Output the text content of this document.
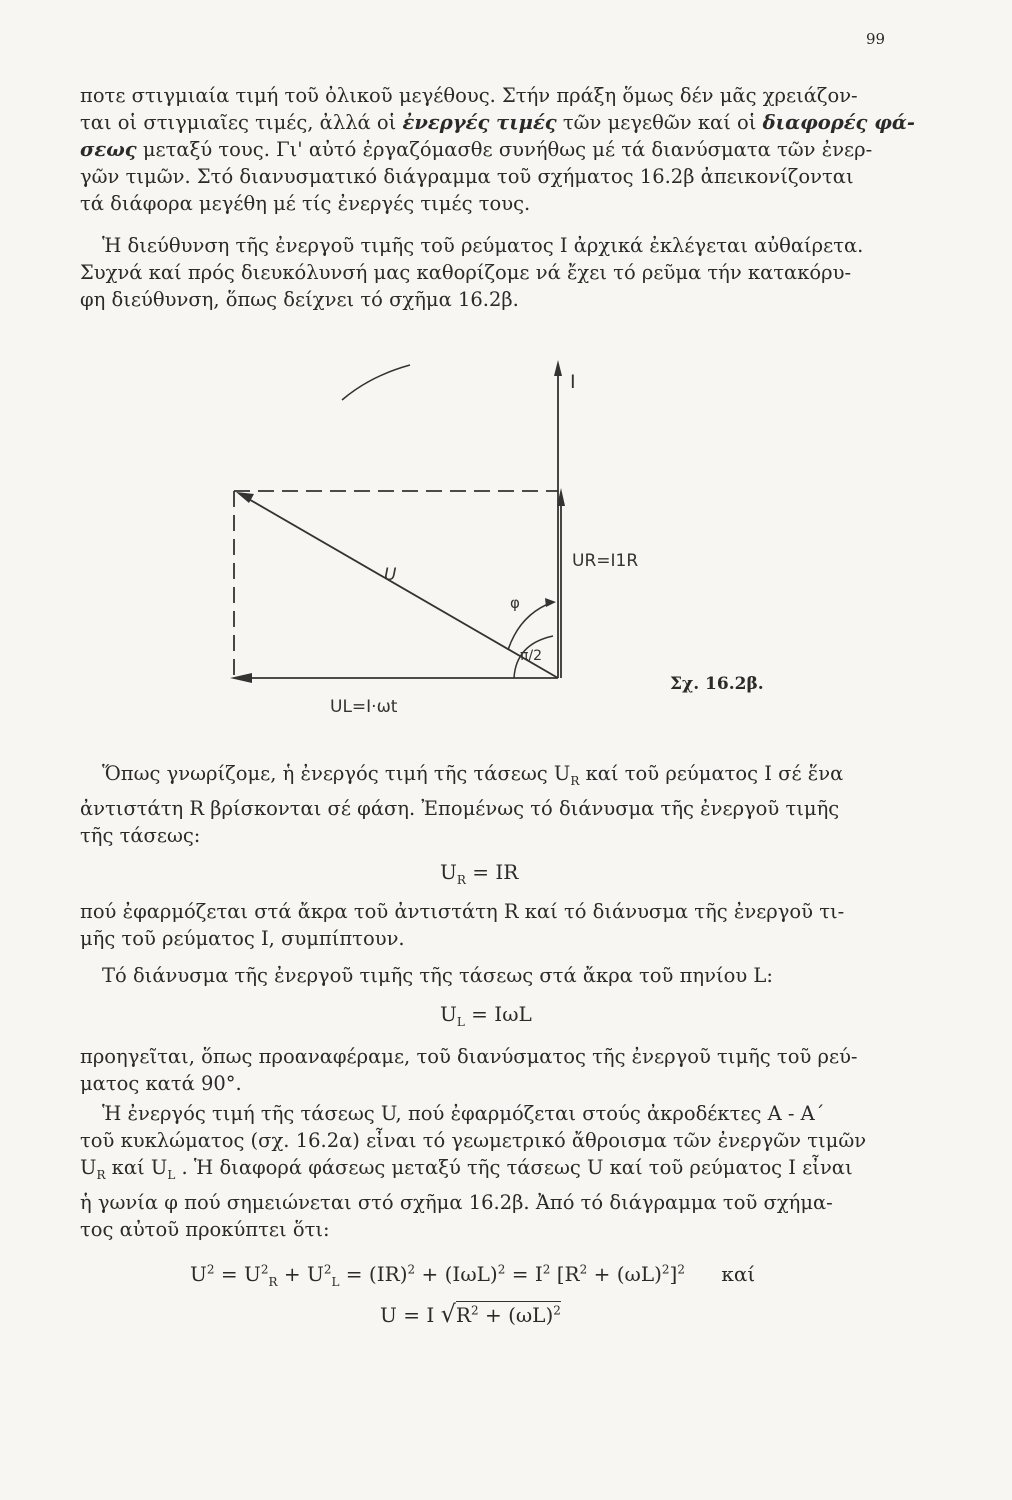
99

ποτε στιγμιαία τιμή τοῦ ὀλικοῦ μεγέθους. Στήν πράξη ὅμως δέν μᾶς χρειάζον-
ται οἱ στιγμιαῖες τιμές, ἀλλά οἱ ἐνεργές τιμές τῶν μεγεθῶν καί οἱ διαφορές φά-
σεως μεταξύ τους. Γι' αὐτό ἐργαζόμασθε συνήθως μέ τά διανύσματα τῶν ἐνερ-
γῶν τιμῶν. Στό διανυσματικό διάγραμμα τοῦ σχήματος 16.2β ἀπεικονίζονται
τά διάφορα μεγέθη μέ τίς ἐνεργές τιμές τους.

Ἡ διεύθυνση τῆς ἐνεργοῦ τιμῆς τοῦ ρεύματος I ἀρχικά ἐκλέγεται αὐθαίρετα.
Συχνά καί πρός διευκόλυνσή μας καθορίζομε νά ἔχει τό ρεῦμα τήν κατακόρυ-
φη διεύθυνση, ὅπως δείχνει τό σχῆμα 16.2β.

I
U
UR=I1R
φ
π/2
UL=I·ωt
Σχ. 16.2β.

Ὅπως γνωρίζομε, ἡ ἐνεργός τιμή τῆς τάσεως $U_R$ καί τοῦ ρεύματος I σέ ἕνα
ἀντιστάτη R βρίσκονται σέ φάση. Ἐπομένως τό διάνυσμα τῆς ἐνεργοῦ τιμῆς
τῆς τάσεως:

$U_R$ = IR

πού ἐφαρμόζεται στά ἄκρα τοῦ ἀντιστάτη R καί τό διάνυσμα τῆς ἐνεργοῦ τι-
μῆς τοῦ ρεύματος I, συμπίπτουν.

Τό διάνυσμα τῆς ἐνεργοῦ τιμῆς τῆς τάσεως στά ἄκρα τοῦ πηνίου L:

$U_L = I\omega L$

προηγεῖται, ὅπως προαναφέραμε, τοῦ διανύσματος τῆς ἐνεργοῦ τιμῆς τοῦ ρεύ-
ματος κατά 90°.

Ἡ ἐνεργός τιμή τῆς τάσεως U, πού ἐφαρμόζεται στούς ἀκροδέκτες Α - Α΄
τοῦ κυκλώματος (σχ. 16.2α) εἶναι τό γεωμετρικό ἄθροισμα τῶν ἐνεργῶν τιμῶν
$U_R$ καί $U_L$ . Ἡ διαφορά φάσεως μεταξύ τῆς τάσεως U καί τοῦ ρεύματος I εἶναι
ἡ γωνία φ πού σημειώνεται στό σχῆμα 16.2β. Ἀπό τό διάγραμμα τοῦ σχήμα-
τος αὐτοῦ προκύπτει ὅτι:

$U^2 = U^2_R + U^2_L = (IR)^2 + (I\omega L)^2 = I^2$ $[R^2 + (\omega L)^2]^2$ καί
U = I $√R^2 + (\omega L)^2$
